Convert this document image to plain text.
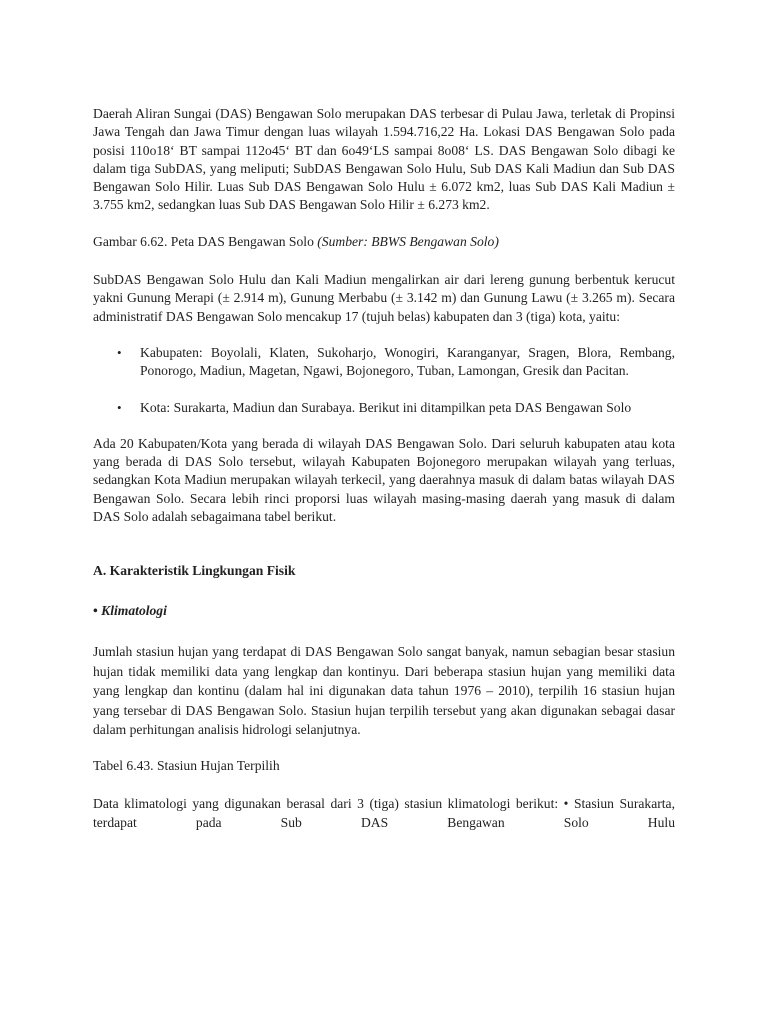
Daerah Aliran Sungai (DAS) Bengawan Solo merupakan DAS terbesar di Pulau Jawa, terletak di Propinsi Jawa Tengah dan Jawa Timur dengan luas wilayah 1.594.716,22 Ha. Lokasi DAS Bengawan Solo pada posisi 110o18‘ BT sampai 112o45‘ BT dan 6o49‘LS sampai 8o08‘ LS. DAS Bengawan Solo dibagi ke dalam tiga SubDAS, yang meliputi; SubDAS Bengawan Solo Hulu, Sub DAS Kali Madiun dan Sub DAS Bengawan Solo Hilir. Luas Sub DAS Bengawan Solo Hulu ± 6.072 km2, luas Sub DAS Kali Madiun ± 3.755 km2, sedangkan luas Sub DAS Bengawan Solo Hilir ± 6.273 km2.

Gambar 6.62. Peta DAS Bengawan Solo (Sumber: BBWS Bengawan Solo)

SubDAS Bengawan Solo Hulu dan Kali Madiun mengalirkan air dari lereng gunung berbentuk kerucut yakni Gunung Merapi (± 2.914 m), Gunung Merbabu (± 3.142 m) dan Gunung Lawu (± 3.265 m). Secara administratif DAS Bengawan Solo mencakup 17 (tujuh belas) kabupaten dan 3 (tiga) kota, yaitu:

• Kabupaten: Boyolali, Klaten, Sukoharjo, Wonogiri, Karanganyar, Sragen, Blora, Rembang, Ponorogo, Madiun, Magetan, Ngawi, Bojonegoro, Tuban, Lamongan, Gresik dan Pacitan.
• Kota: Surakarta, Madiun dan Surabaya. Berikut ini ditampilkan peta DAS Bengawan Solo

Ada 20 Kabupaten/Kota yang berada di wilayah DAS Bengawan Solo. Dari seluruh kabupaten atau kota yang berada di DAS Solo tersebut, wilayah Kabupaten Bojonegoro merupakan wilayah yang terluas, sedangkan Kota Madiun merupakan wilayah terkecil, yang daerahnya masuk di dalam batas wilayah DAS Bengawan Solo. Secara lebih rinci proporsi luas wilayah masing-masing daerah yang masuk di dalam DAS Solo adalah sebagaimana tabel berikut.

A. Karakteristik Lingkungan Fisik

• Klimatologi

Jumlah stasiun hujan yang terdapat di DAS Bengawan Solo sangat banyak, namun sebagian besar stasiun hujan tidak memiliki data yang lengkap dan kontinyu. Dari beberapa stasiun hujan yang memiliki data yang lengkap dan kontinu (dalam hal ini digunakan data tahun 1976 – 2010), terpilih 16 stasiun hujan yang tersebar di DAS Bengawan Solo. Stasiun hujan terpilih tersebut yang akan digunakan sebagai dasar dalam perhitungan analisis hidrologi selanjutnya.

Tabel 6.43. Stasiun Hujan Terpilih

Data klimatologi yang digunakan berasal dari 3 (tiga) stasiun klimatologi berikut: • Stasiun Surakarta, terdapat pada Sub DAS Bengawan Solo Hulu
